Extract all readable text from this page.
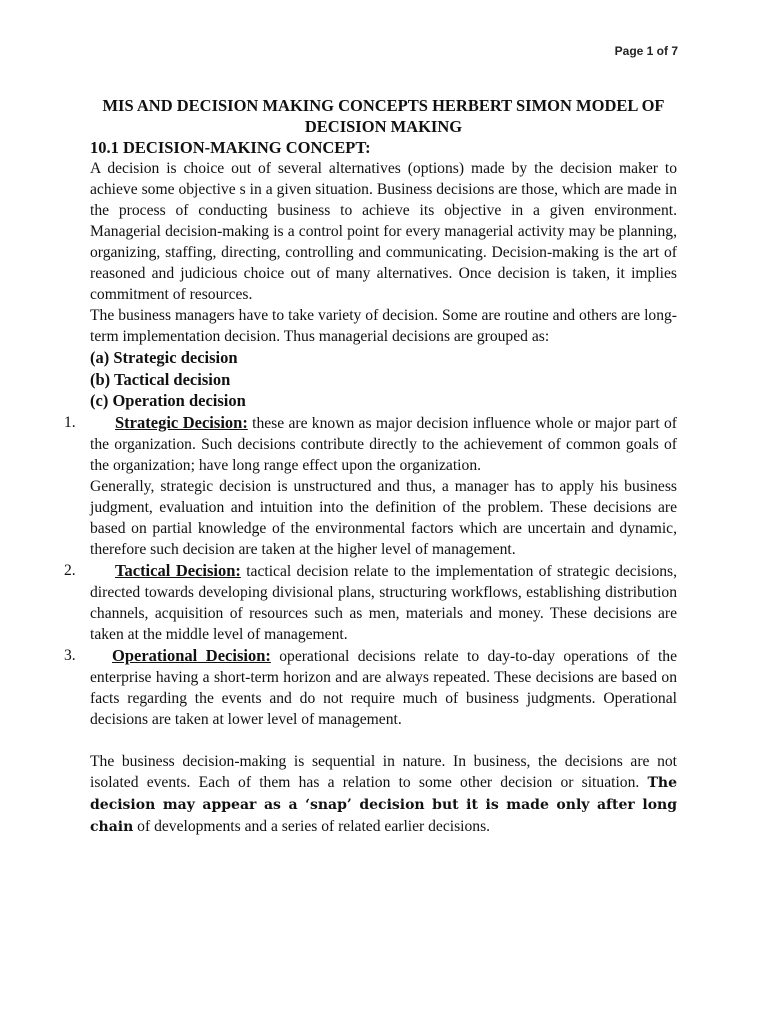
Page 1 of 7
MIS AND DECISION MAKING CONCEPTS HERBERT SIMON MODEL OF DECISION MAKING
10.1 DECISION-MAKING CONCEPT:

A decision is choice out of several alternatives (options) made by the decision maker to achieve some objective s in a given situation. Business decisions are those, which are made in the process of conducting business to achieve its objective in a given environment. Managerial decision-making is a control point for every managerial activity may be planning, organizing, staffing, directing, controlling and communicating. Decision-making is the art of reasoned and judicious choice out of many alternatives. Once decision is taken, it implies commitment of resources.

The business managers have to take variety of decision. Some are routine and others are long-term implementation decision. Thus managerial decisions are grouped as:

(a) Strategic decision
(b) Tactical decision
(c) Operation decision
1.	Strategic Decision: these are known as major decision influence whole or major part of the organization. Such decisions contribute directly to the achievement of common goals of the organization; have long range effect upon the organization.

Generally, strategic decision is unstructured and thus, a manager has to apply his business judgment, evaluation and intuition into the definition of the problem. These decisions are based on partial knowledge of the environmental factors which are uncertain and dynamic, therefore such decision are taken at the higher level of management.

2.	Tactical Decision: tactical decision relate to the implementation of strategic decisions, directed towards developing divisional plans, structuring workflows, establishing distribution channels, acquisition of resources such as men, materials and money. These decisions are taken at the middle level of management.

3.	Operational Decision: operational decisions relate to day-to-day operations of the enterprise having a short-term horizon and are always repeated. These decisions are based on facts regarding the events and do not require much of business judgments. Operational decisions are taken at lower level of management.

The business decision-making is sequential in nature. In business, the decisions are not isolated events. Each of them has a relation to some other decision or situation. The decision may appear as a ‘snap’ decision but it is made only after long chain of developments and a series of related earlier decisions.
